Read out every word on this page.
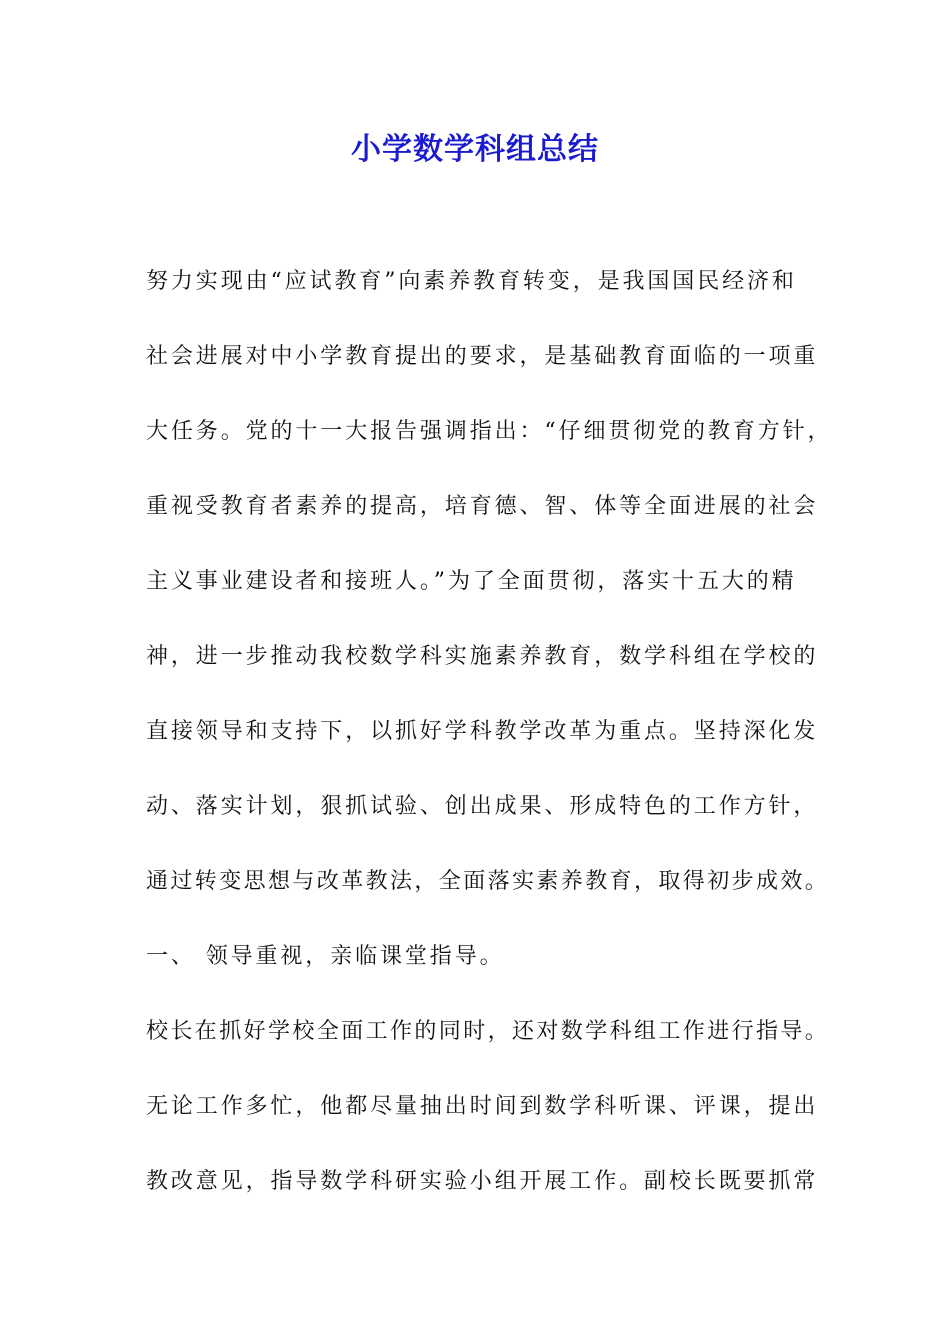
小学数学科组总结

努力实现由“应试教育”向素养教育转变，是我国国民经济和

社会进展对中小学教育提出的要求，是基础教育面临的一项重

大任务。党的十一大报告强调指出：“仔细贯彻党的教育方针，

重视受教育者素养的提高，培育德、智、体等全面进展的社会

主义事业建设者和接班人。”为了全面贯彻，落实十五大的精

神，进一步推动我校数学科实施素养教育，数学科组在学校的

直接领导和支持下，以抓好学科教学改革为重点。坚持深化发

动、落实计划，狠抓试验、创出成果、形成特色的工作方针，

通过转变思想与改革教法，全面落实素养教育，取得初步成效。

一、 领导重视，亲临课堂指导。

校长在抓好学校全面工作的同时，还对数学科组工作进行指导。

无论工作多忙，他都尽量抽出时间到数学科听课、评课，提出

教改意见，指导数学科研实验小组开展工作。副校长既要抓常
